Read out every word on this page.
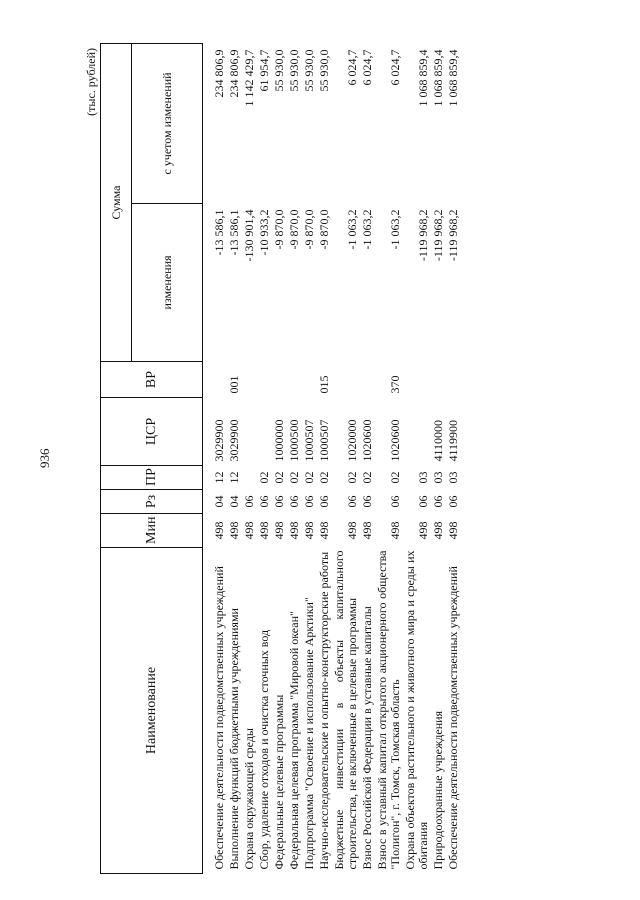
936
(тыс. рублей)
Наименование	Мин	Рз	ПР	ЦСР	ВР	Сумма	
						изменения	с учетом изменений
Обеспечение деятельности подведомственных учреждений	498	04	12	3029900		-13 586,1	234 806,9
Выполнение функций бюджетными учреждениями	498	04	12	3029900	001	-13 586,1	234 806,9
Охрана окружающей среды	498	06				-130 901,4	1 142 429,7
Сбор, удаление отходов и очистка сточных вод	498	06	02			-10 933,2	61 954,7
Федеральные целевые программы	498	06	02	1000000		-9 870,0	55 930,0
Федеральная целевая программа "Мировой океан"	498	06	02	1000500		-9 870,0	55 930,0
Подпрограмма "Освоение и использование Арктики"	498	06	02	1000507		-9 870,0	55 930,0
Научно-исследовательские и опытно-конструкторские работы	498	06	02	1000507	015	-9 870,0	55 930,0
Бюджетные инвестиции в объекты капитального строительства, не включенные в целевые программы	498	06	02	1020000		-1 063,2	6 024,7
Взнос Российской Федерации в уставные капиталы	498	06	02	1020600		-1 063,2	6 024,7
Взнос в уставный капитал открытого акционерного общества "Полигон", г. Томск, Томская область	498	06	02	1020600	370	-1 063,2	6 024,7
Охрана объектов растительного и животного мира и среды их обитания	498	06	03			-119 968,2	1 068 859,4
Природоохранные учреждения	498	06	03	4110000		-119 968,2	1 068 859,4
Обеспечение деятельности подведомственных учреждений	498	06	03	4119900		-119 968,2	1 068 859,4
